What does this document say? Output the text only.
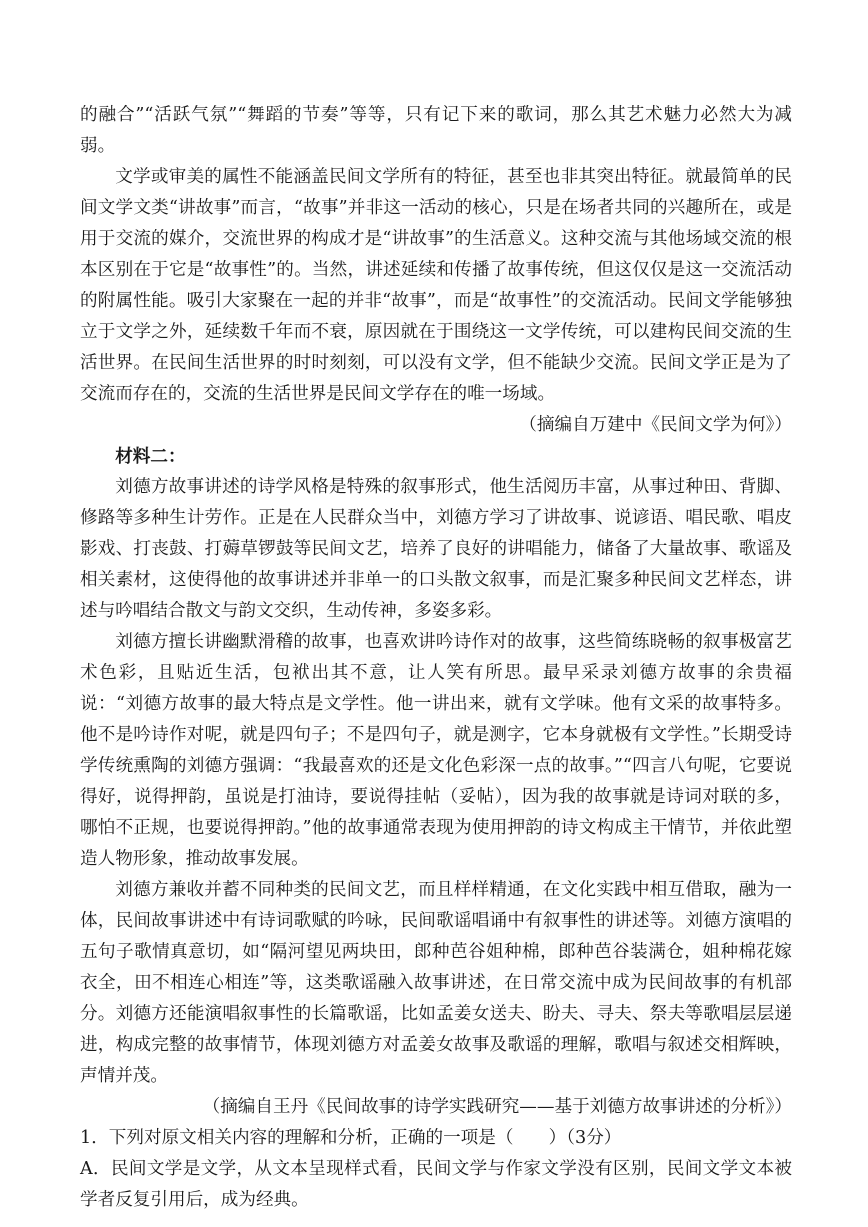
的融合”“活跃气氛”“舞蹈的节奏”等等，只有记下来的歌词，那么其艺术魅力必然大为减弱。

文学或审美的属性不能涵盖民间文学所有的特征，甚至也非其突出特征。就最简单的民间文学文类“讲故事”而言，“故事”并非这一活动的核心，只是在场者共同的兴趣所在，或是用于交流的媒介，交流世界的构成才是“讲故事”的生活意义。这种交流与其他场域交流的根本区别在于它是“故事性”的。当然，讲述延续和传播了故事传统，但这仅仅是这一交流活动的附属性能。吸引大家聚在一起的并非“故事”，而是“故事性”的交流活动。民间文学能够独立于文学之外，延续数千年而不衰，原因就在于围绕这一文学传统，可以建构民间交流的生活世界。在民间生活世界的时时刻刻，可以没有文学，但不能缺少交流。民间文学正是为了交流而存在的，交流的生活世界是民间文学存在的唯一场域。

（摘编自万建中《民间文学为何》）

材料二：

刘德方故事讲述的诗学风格是特殊的叙事形式，他生活阅历丰富，从事过种田、背脚、修路等多种生计劳作。正是在人民群众当中，刘德方学习了讲故事、说谚语、唱民歌、唱皮影戏、打丧鼓、打薅草锣鼓等民间文艺，培养了良好的讲唱能力，储备了大量故事、歌谣及相关素材，这使得他的故事讲述并非单一的口头散文叙事，而是汇聚多种民间文艺样态，讲述与吟唱结合散文与韵文交织，生动传神，多姿多彩。

刘德方擅长讲幽默滑稽的故事，也喜欢讲吟诗作对的故事，这些简练晓畅的叙事极富艺术色彩，且贴近生活，包袱出其不意，让人笑有所思。最早采录刘德方故事的余贵福说：“刘德方故事的最大特点是文学性。他一讲出来，就有文学味。他有文采的故事特多。他不是吟诗作对呢，就是四句子；不是四句子，就是测字，它本身就极有文学性。”长期受诗学传统熏陶的刘德方强调：“我最喜欢的还是文化色彩深一点的故事。”“四言八句呢，它要说得好，说得押韵，虽说是打油诗，要说得挂帖（妥帖），因为我的故事就是诗词对联的多，哪怕不正规，也要说得押韵。”他的故事通常表现为使用押韵的诗文构成主干情节，并依此塑造人物形象，推动故事发展。

刘德方兼收并蓄不同种类的民间文艺，而且样样精通，在文化实践中相互借取，融为一体，民间故事讲述中有诗词歌赋的吟咏，民间歌谣唱诵中有叙事性的讲述等。刘德方演唱的五句子歌情真意切，如“隔河望见两块田，郎种芭谷姐种棉，郎种芭谷装满仓，姐种棉花嫁衣全，田不相连心相连”等，这类歌谣融入故事讲述，在日常交流中成为民间故事的有机部分。刘德方还能演唱叙事性的长篇歌谣，比如孟姜女送夫、盼夫、寻夫、祭夫等歌唱层层递进，构成完整的故事情节，体现刘德方对孟姜女故事及歌谣的理解，歌唱与叙述交相辉映，声情并茂。

（摘编自王丹《民间故事的诗学实践研究——基于刘德方故事讲述的分析》）

1．下列对原文相关内容的理解和分析，正确的一项是（　　）（3分）

A．民间文学是文学，从文本呈现样式看，民间文学与作家文学没有区别，民间文学文本被学者反复引用后，成为经典。
